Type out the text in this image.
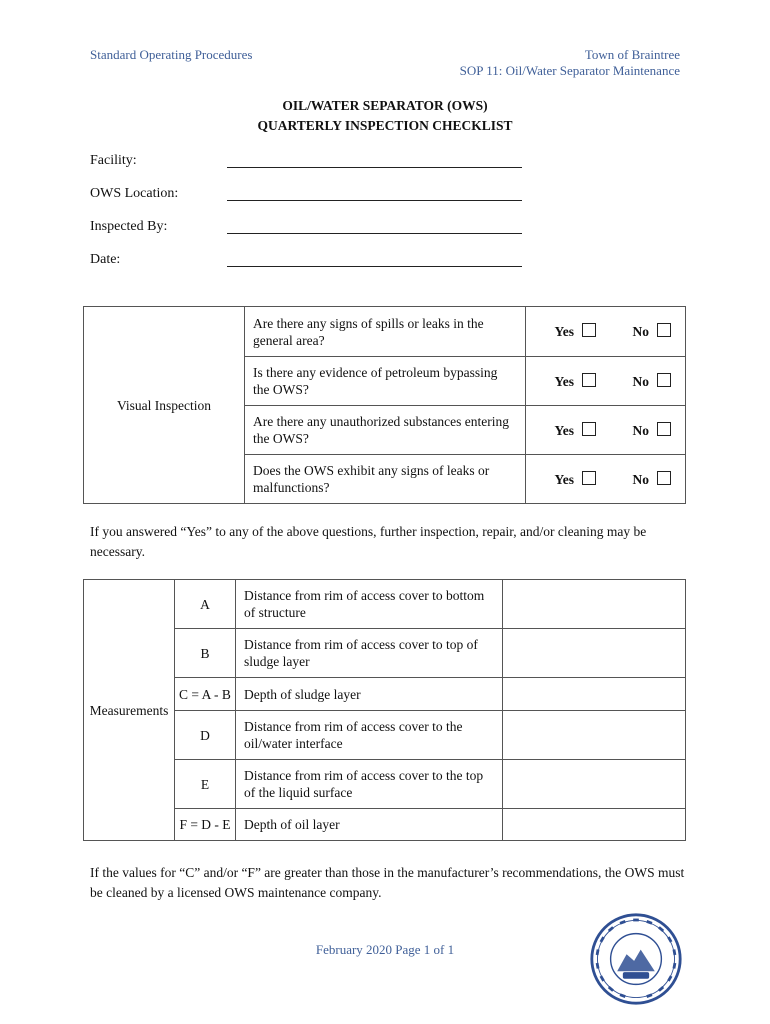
Standard Operating Procedures	Town of Braintree
SOP 11: Oil/Water Separator Maintenance
OIL/WATER SEPARATOR (OWS)
QUARTERLY INSPECTION CHECKLIST
Facility:
OWS Location:
Inspected By:
Date:
Visual Inspection	Are there any signs of spills or leaks in the general area?	Yes	No
	Is there any evidence of petroleum bypassing the OWS?	Yes	No
	Are there any unauthorized substances entering the OWS?	Yes	No
	Does the OWS exhibit any signs of leaks or malfunctions?	Yes	No
If you answered “Yes” to any of the above questions, further inspection, repair, and/or cleaning may be necessary.
Measurements	A	Distance from rim of access cover to bottom of structure	
	B	Distance from rim of access cover to top of sludge layer	
	C = A - B	Depth of sludge layer	
	D	Distance from rim of access cover to the oil/water interface	
	E	Distance from rim of access cover to the top of the liquid surface	
	F = D - E	Depth of oil layer	
If the values for “C” and/or “F” are greater than those in the manufacturer’s recommendations, the OWS must be cleaned by a licensed OWS maintenance company.
February 2020 Page 1 of 1
